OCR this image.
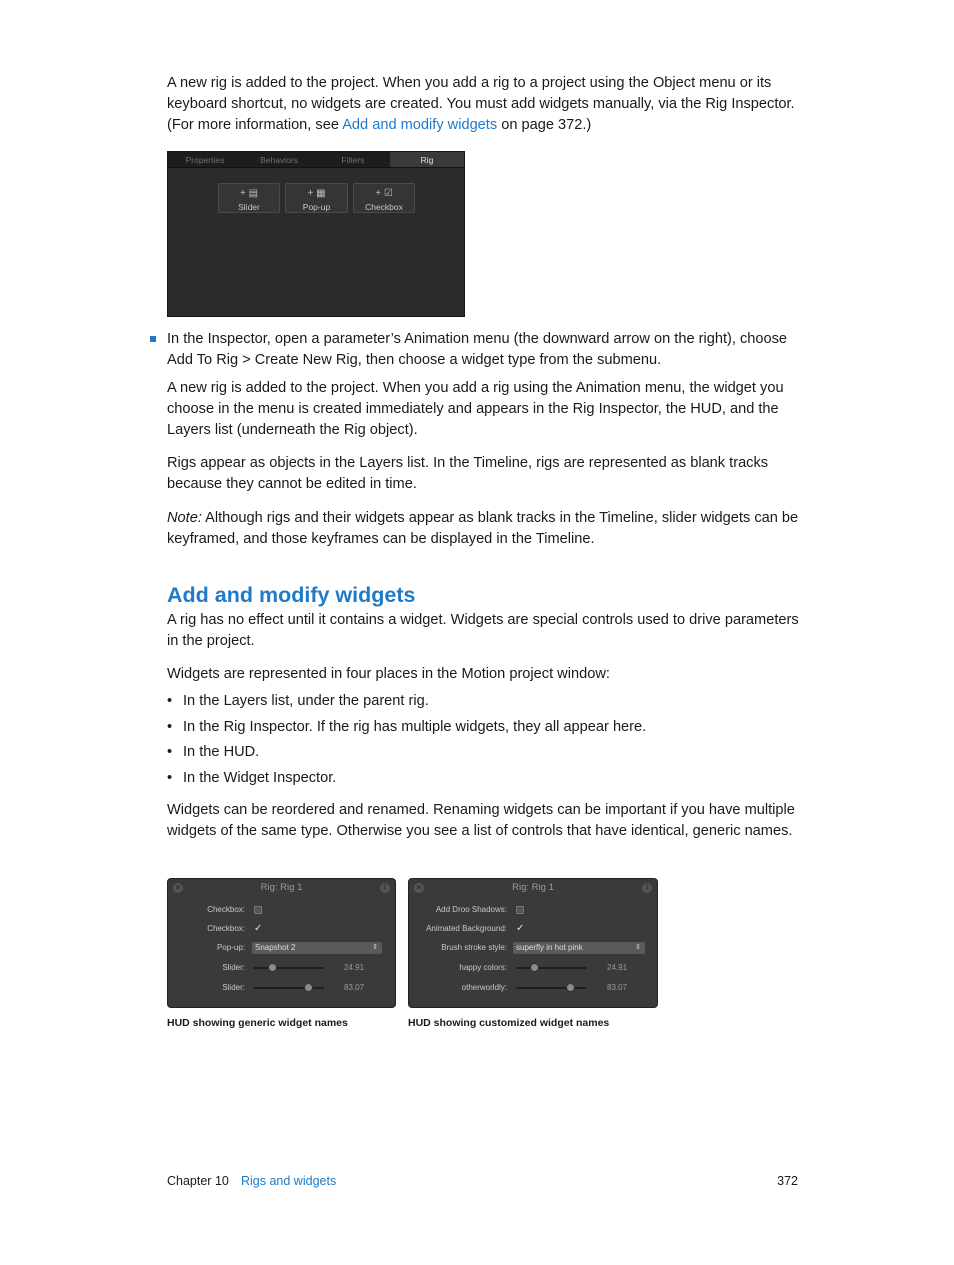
A new rig is added to the project. When you add a rig to a project using the Object menu or its keyboard shortcut, no widgets are created. You must add widgets manually, via the Rig Inspector. (For more information, see Add and modify widgets on page 372.)

Properties	Behaviors	Filters	Rig
+ ▤
Slider
+ ▦
Pop-up
+ ☑
Checkbox

In the Inspector, open a parameter’s Animation menu (the downward arrow on the right), choose Add To Rig > Create New Rig, then choose a widget type from the submenu.

A new rig is added to the project. When you add a rig using the Animation menu, the widget you choose in the menu is created immediately and appears in the Rig Inspector, the HUD, and the Layers list (underneath the Rig object).

Rigs appear as objects in the Layers list. In the Timeline, rigs are represented as blank tracks because they cannot be edited in time.

Note: Although rigs and their widgets appear as blank tracks in the Timeline, slider widgets can be keyframed, and those keyframes can be displayed in the Timeline.

Add and modify widgets

A rig has no effect until it contains a widget. Widgets are special controls used to drive parameters in the project.

Widgets are represented in four places in the Motion project window:

• In the Layers list, under the parent rig.
• In the Rig Inspector. If the rig has multiple widgets, they all appear here.
• In the HUD.
• In the Widget Inspector.

Widgets can be reordered and renamed. Renaming widgets can be important if you have multiple widgets of the same type. Otherwise you see a list of controls that have identical, generic names.

×	Rig: Rig 1	i
Checkbox:
Checkbox: ✓
Pop-up:	Snapshot 2	⇕
Slider:	24.91
Slider:	83.07
×	Rig: Rig 1	i
Add Droo Shadows:
Animated Background: ✓
Brush stroke style:	superfly in hot pink	⇕
happy colors:	24.91
otherworldly:	83.07
HUD showing generic widget names	HUD showing customized widget names
Chapter 10 Rigs and widgets	372
